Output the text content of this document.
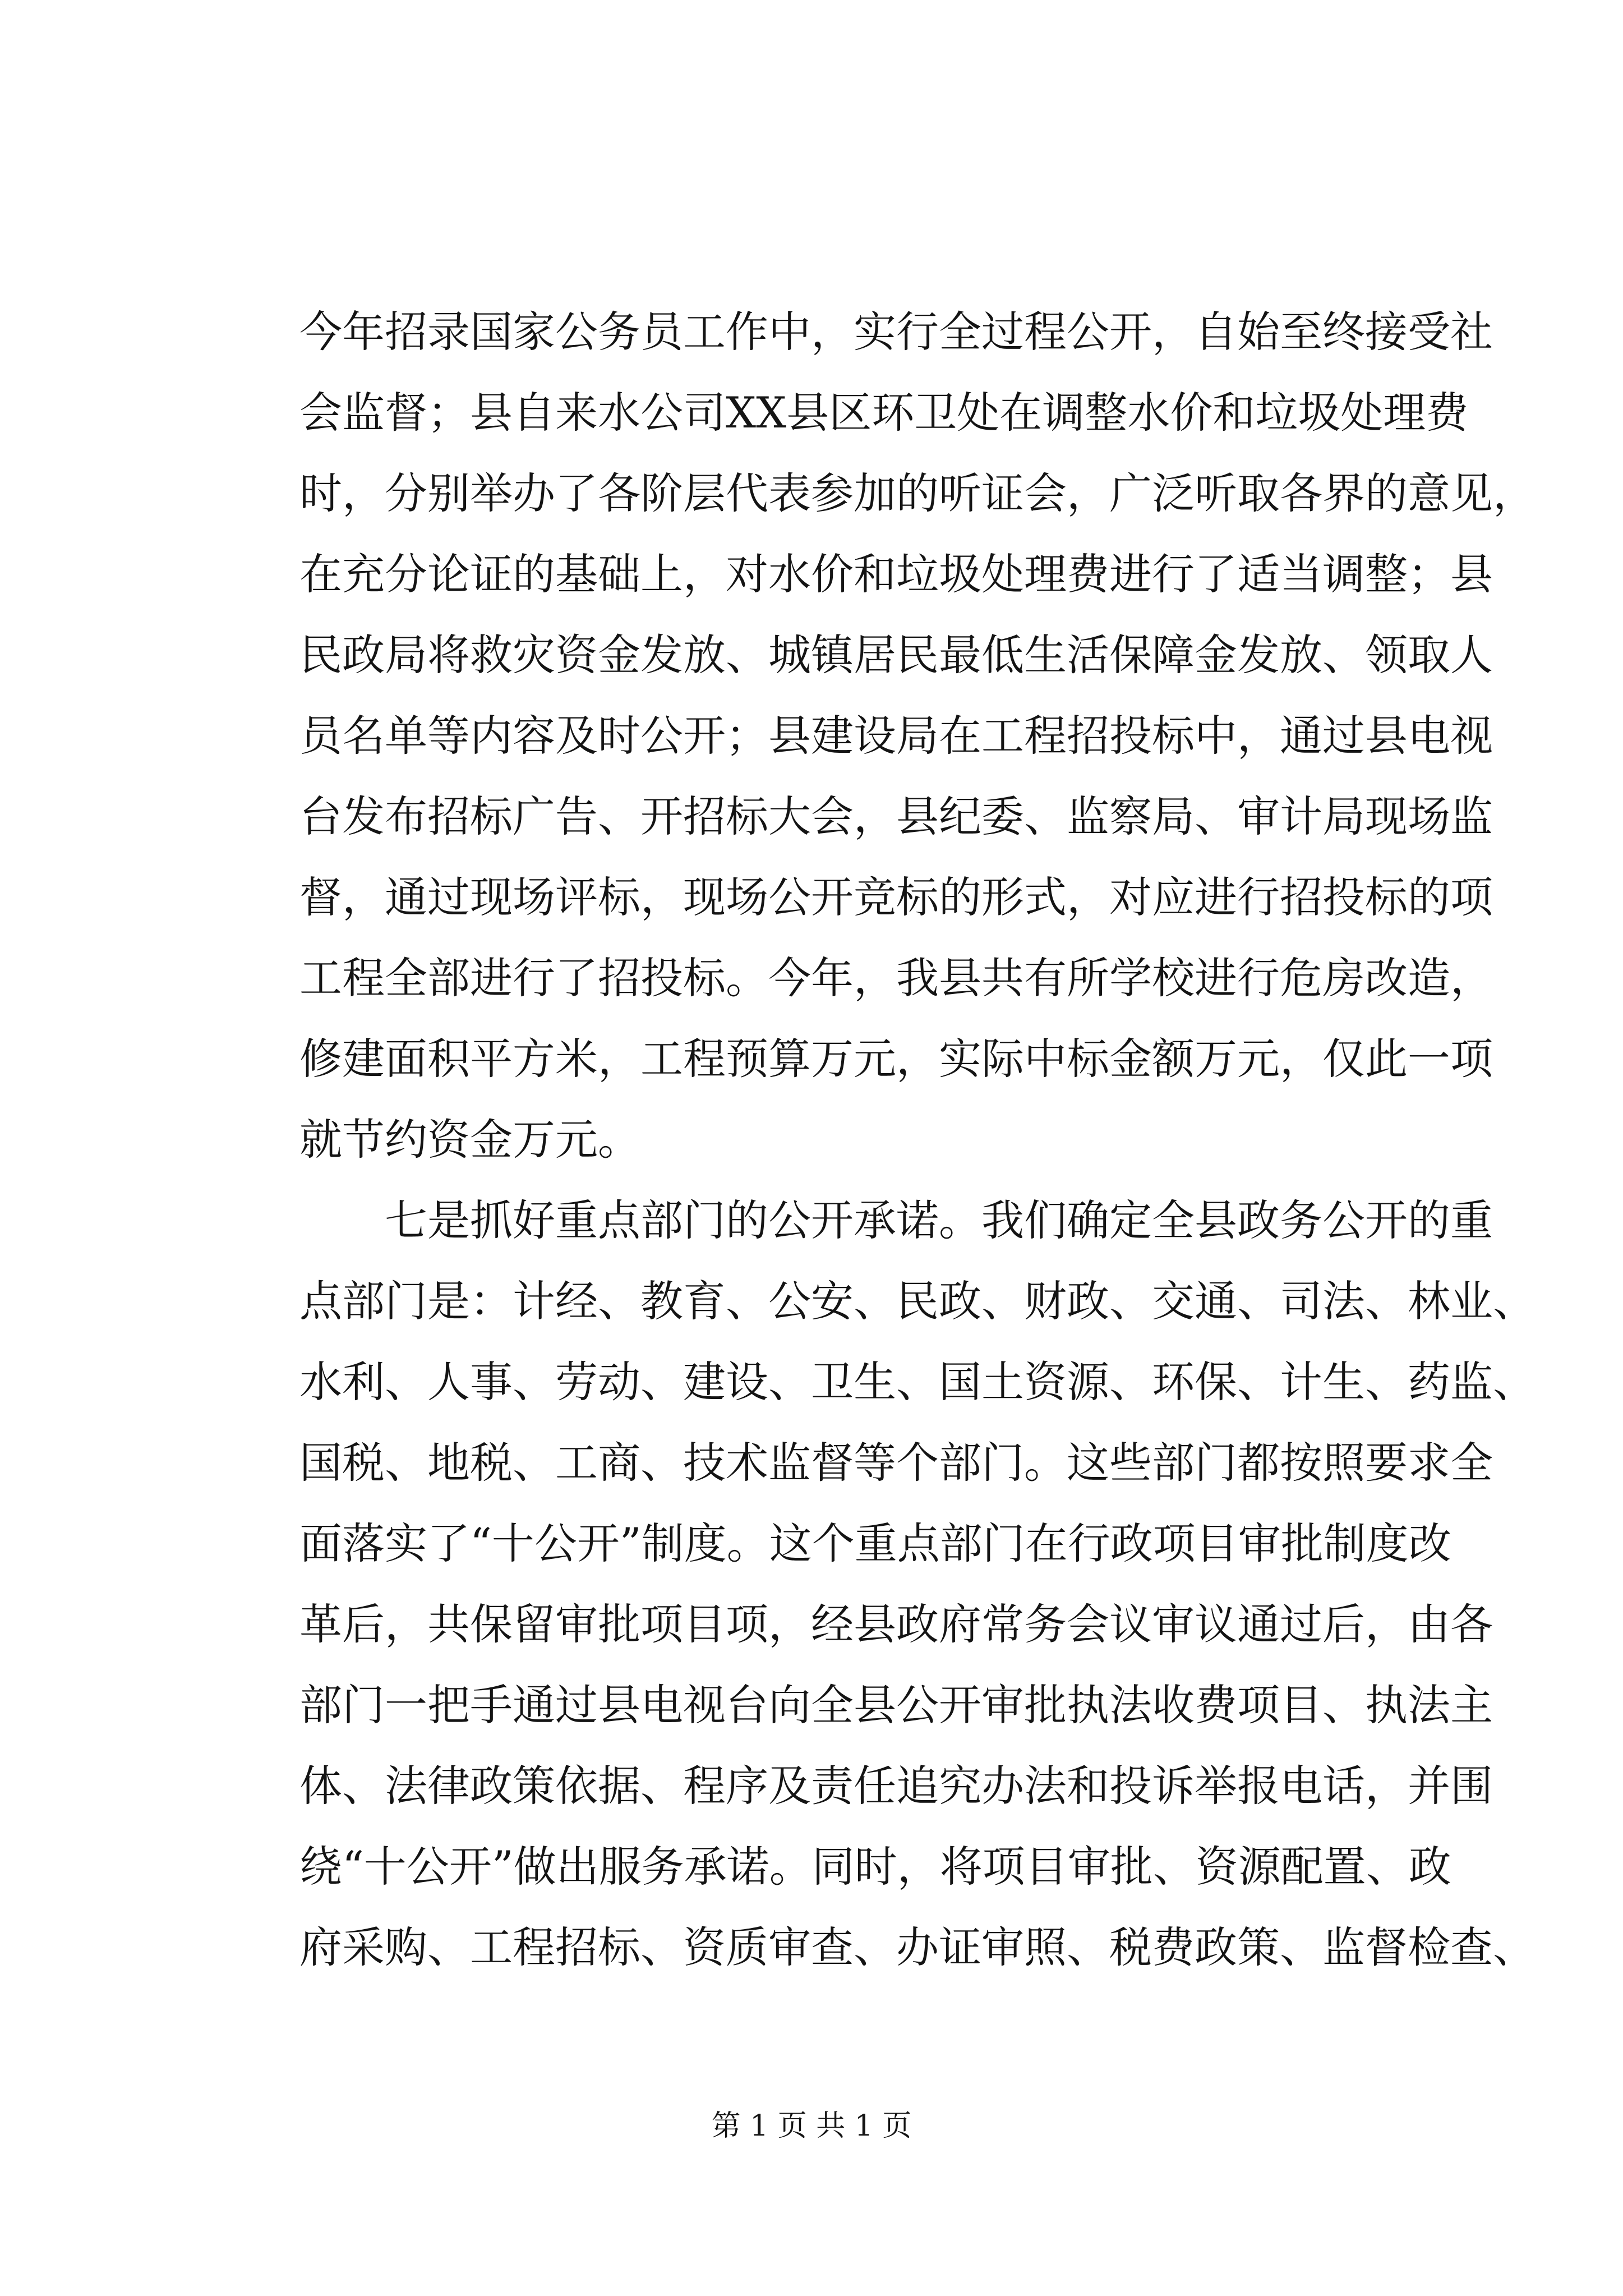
今年招录国家公务员工作中，实行全过程公开，自始至终接受社
会监督；县自来水公司XX县区环卫处在调整水价和垃圾处理费
时，分别举办了各阶层代表参加的听证会，广泛听取各界的意见，
在充分论证的基础上，对水价和垃圾处理费进行了适当调整；县
民政局将救灾资金发放、城镇居民最低生活保障金发放、领取人
员名单等内容及时公开；县建设局在工程招投标中，通过县电视
台发布招标广告、开招标大会，县纪委、监察局、审计局现场监
督，通过现场评标，现场公开竞标的形式，对应进行招投标的项
工程全部进行了招投标。今年，我县共有所学校进行危房改造，
修建面积平方米，工程预算万元，实际中标金额万元，仅此一项
就节约资金万元。
七是抓好重点部门的公开承诺。我们确定全县政务公开的重
点部门是：计经、教育、公安、民政、财政、交通、司法、林业、
水利、人事、劳动、建设、卫生、国土资源、环保、计生、药监、
国税、地税、工商、技术监督等个部门。这些部门都按照要求全
面落实了“十公开”制度。这个重点部门在行政项目审批制度改
革后，共保留审批项目项，经县政府常务会议审议通过后，由各
部门一把手通过县电视台向全县公开审批执法收费项目、执法主
体、法律政策依据、程序及责任追究办法和投诉举报电话，并围
绕“十公开”做出服务承诺。同时，将项目审批、资源配置、政
府采购、工程招标、资质审查、办证审照、税费政策、监督检查、
第 1 页 共 1 页
